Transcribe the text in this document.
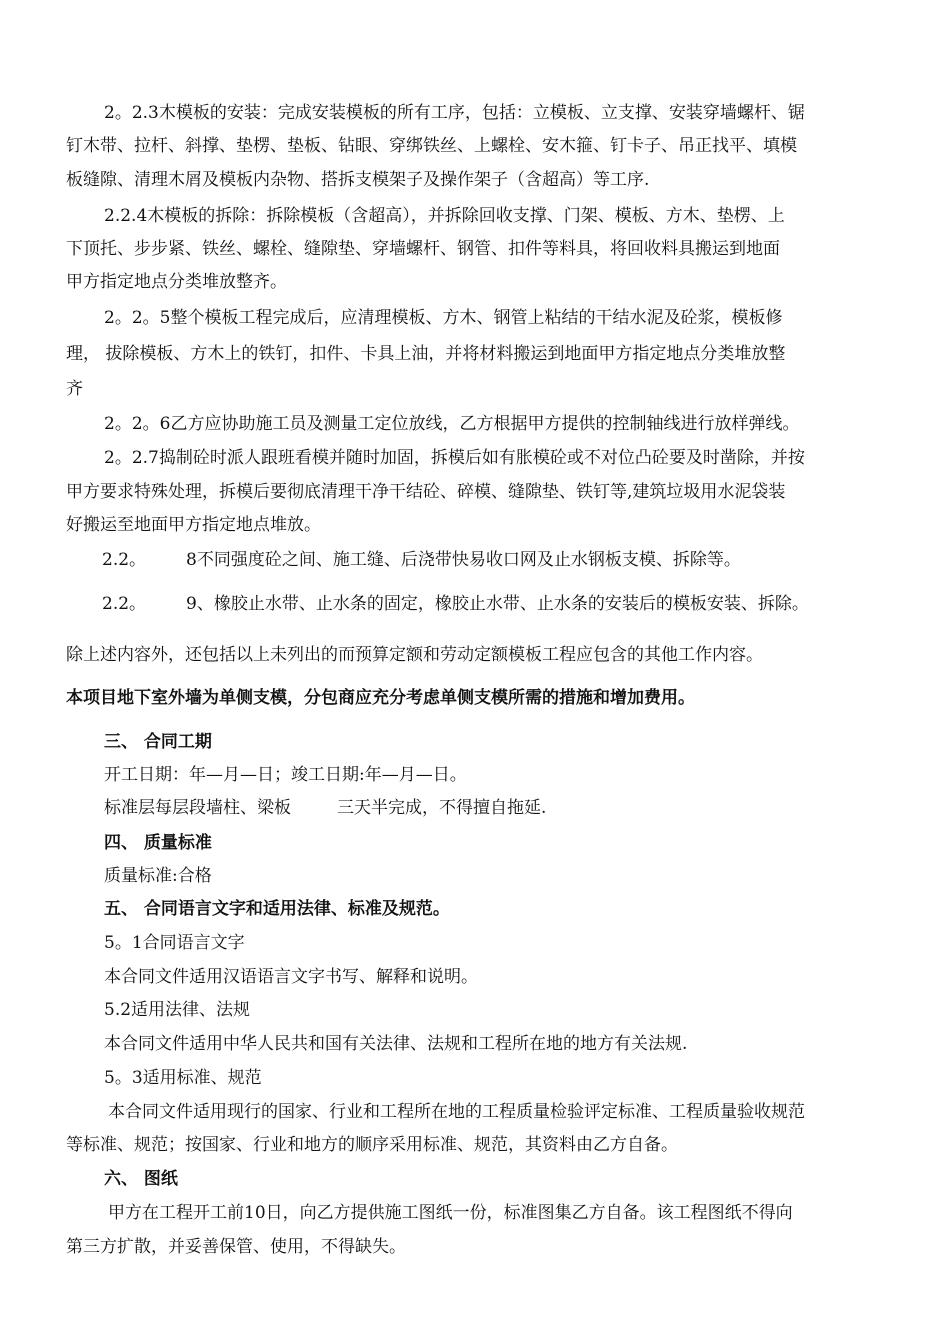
2。2.3木模板的安装：完成安装模板的所有工序，包括：立模板、立支撑、安装穿墙螺杆、锯
钉木带、拉杆、斜撑、垫楞、垫板、钻眼、穿绑铁丝、上螺栓、安木箍、钉卡子、吊正找平、填模
板缝隙、清理木屑及模板内杂物、搭拆支模架子及操作架子（含超高）等工序.
2.2.4木模板的拆除：拆除模板（含超高），并拆除回收支撑、门架、模板、方木、垫楞、上
下顶托、步步紧、铁丝、螺栓、缝隙垫、穿墙螺杆、钢管、扣件等料具，将回收料具搬运到地面
甲方指定地点分类堆放整齐。
2。2。5整个模板工程完成后，应清理模板、方木、钢管上粘结的干结水泥及砼浆，模板修
理， 拔除模板、方木上的铁钉，扣件、卡具上油，并将材料搬运到地面甲方指定地点分类堆放整
齐
2。2。6乙方应协助施工员及测量工定位放线，乙方根据甲方提供的控制轴线进行放样弹线。
2。2.7捣制砼时派人跟班看模并随时加固，拆模后如有胀模砼或不对位凸砼要及时凿除，并按
甲方要求特殊处理，拆模后要彻底清理干净干结砼、碎模、缝隙垫、铁钉等,建筑垃圾用水泥袋装
好搬运至地面甲方指定地点堆放。
2.2。 8不同强度砼之间、施工缝、后浇带快易收口网及止水钢板支模、拆除等。
2.2。 9、橡胶止水带、止水条的固定，橡胶止水带、止水条的安装后的模板安装、拆除。
除上述内容外，还包括以上未列出的而预算定额和劳动定额模板工程应包含的其他工作内容。
本项目地下室外墙为单侧支模，分包商应充分考虑单侧支模所需的措施和增加费用。
三、 合同工期
开工日期：年—月—日；竣工日期:年—月—日。
标准层每层段墙柱、梁板	三天半完成，不得擅自拖延.
四、 质量标准
质量标准:合格
五、 合同语言文字和适用法律、标准及规范。
5。1合同语言文字
本合同文件适用汉语语言文字书写、解释和说明。
5.2适用法律、法规
本合同文件适用中华人民共和国有关法律、法规和工程所在地的地方有关法规.
5。3适用标准、规范
本合同文件适用现行的国家、行业和工程所在地的工程质量检验评定标准、工程质量验收规范
等标准、规范；按国家、行业和地方的顺序采用标准、规范，其资料由乙方自备。
六、 图纸
甲方在工程开工前10日，向乙方提供施工图纸一份，标准图集乙方自备。该工程图纸不得向
第三方扩散，并妥善保管、使用，不得缺失。
